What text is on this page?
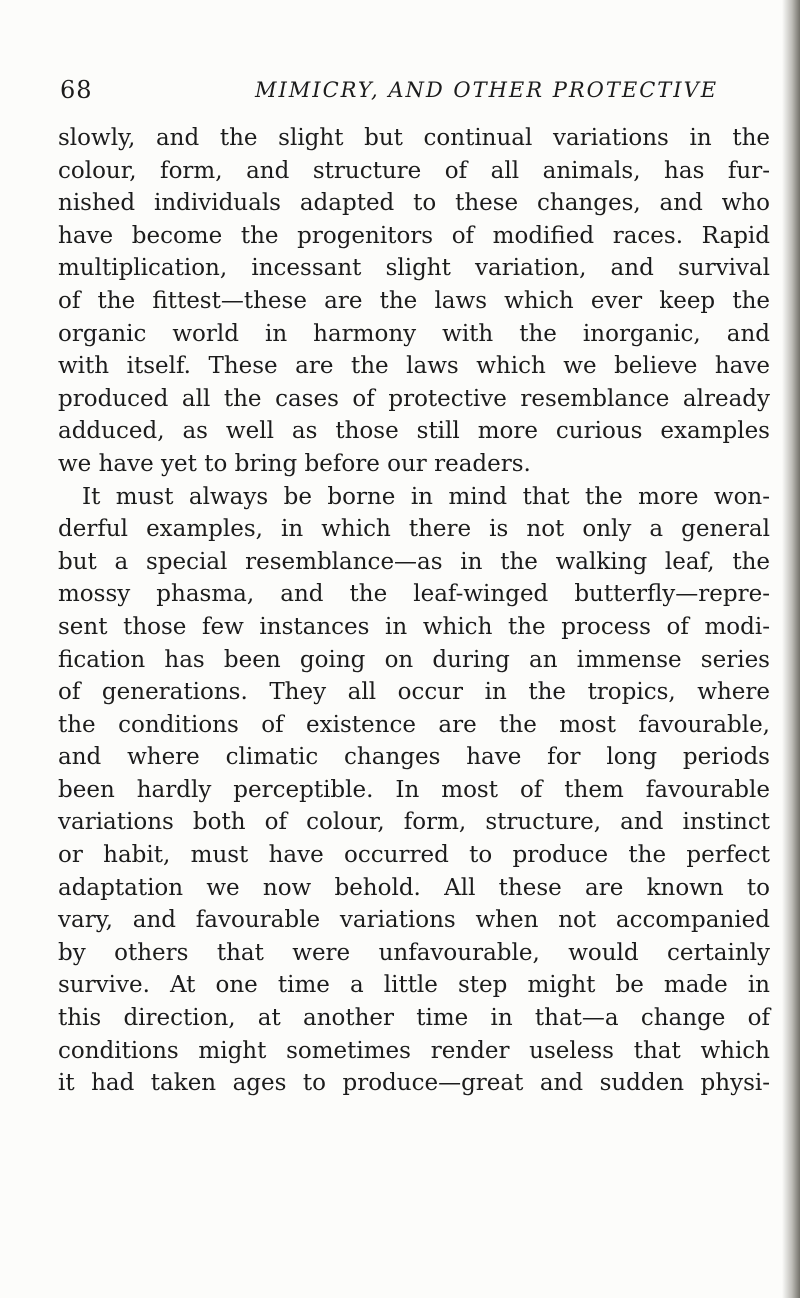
68	MIMICRY, AND OTHER PROTECTIVE
slowly, and the slight but continual variations in the
colour, form, and structure of all animals, has fur-
nished individuals adapted to these changes, and who
have become the progenitors of modified races. Rapid
multiplication, incessant slight variation, and survival
of the fittest—these are the laws which ever keep the
organic world in harmony with the inorganic, and
with itself. These are the laws which we believe have
produced all the cases of protective resemblance already
adduced, as well as those still more curious examples
we have yet to bring before our readers.
It must always be borne in mind that the more won-
derful examples, in which there is not only a general
but a special resemblance—as in the walking leaf, the
mossy phasma, and the leaf-winged butterfly—repre-
sent those few instances in which the process of modi-
fication has been going on during an immense series
of generations. They all occur in the tropics, where
the conditions of existence are the most favourable,
and where climatic changes have for long periods
been hardly perceptible. In most of them favourable
variations both of colour, form, structure, and instinct
or habit, must have occurred to produce the perfect
adaptation we now behold. All these are known to
vary, and favourable variations when not accompanied
by others that were unfavourable, would certainly
survive. At one time a little step might be made in
this direction, at another time in that—a change of
conditions might sometimes render useless that which
it had taken ages to produce—great and sudden physi-
